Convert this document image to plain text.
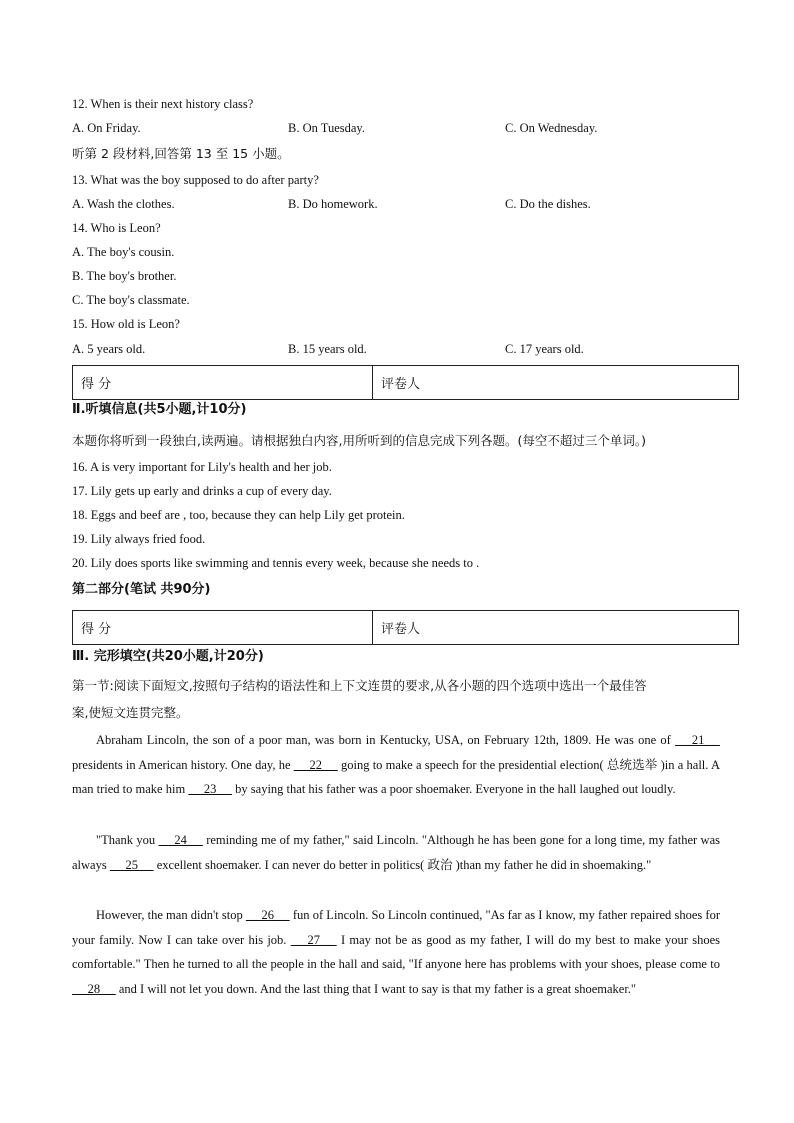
12. When is their next history class?
A. On Friday.	B. On Tuesday.	C. On Wednesday.
听第 2 段材料,回答第 13 至 15 小题。
13. What was the boy supposed to do after party?
A. Wash the clothes.	B. Do homework.	C. Do the dishes.
14. Who is Leon?
A. The boy's cousin.
B. The boy's brother.
C. The boy's classmate.
15. How old is Leon?
A. 5 years old.	B. 15 years old.	C. 17 years old.
得 分	评卷人
Ⅱ.听填信息(共5小题,计10分)
本题你将听到一段独白,读两遍。请根据独白内容,用所听到的信息完成下列各题。(每空不超过三个单词。)
16. A is very important for Lily's health and her job.
17. Lily gets up early and drinks a cup of every day.
18. Eggs and beef are , too, because they can help Lily get protein.
19. Lily always fried food.
20. Lily does sports like swimming and tennis every week, because she needs to .
第二部分(笔试 共90分)
得 分	评卷人
Ⅲ. 完形填空(共20小题,计20分)
第一节:阅读下面短文,按照句子结构的语法性和上下文连贯的要求,从各小题的四个选项中选出一个最佳答
案,使短文连贯完整。
Abraham Lincoln, the son of a poor man, was born in Kentucky, USA, on February 12th, 1809. He was one of  __21__  presidents in American history. One day, he  __22__  going to make a speech for the presidential election( 总统选举 )in a hall. A man tried to make him  __23__  by saying that his father was a poor shoemaker. Everyone in the hall laughed out loudly.
"Thank you  __24__  reminding me of my father," said Lincoln. "Although he has been gone for a long time, my father was always  __25__  excellent shoemaker. I can never do better in politics( 政治 )than my father he did in shoemaking."
However, the man didn't stop  __26__  fun of Lincoln. So Lincoln continued, "As far as I know, my father repaired shoes for your family. Now I can take over his job.  __27__  I may not be as good as my father, I will do my best to make your shoes comfortable." Then he turned to all the people in the hall and said, "If anyone here has problems with your shoes, please come to  __28__  and I will not let you down. And the last thing that I want to say is that my father is a great shoemaker."
